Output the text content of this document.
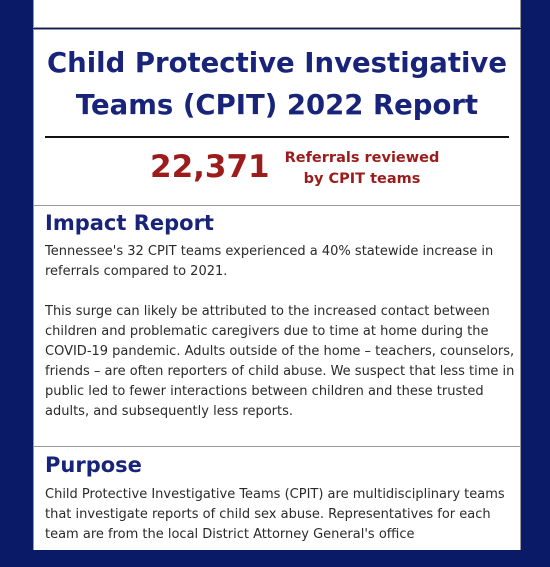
Child Protective Investigative
Teams (CPIT) 2022 Report
22,371	Referrals reviewed
by CPIT teams
Impact Report

Tennessee's 32 CPIT teams experienced a 40% statewide increase in referrals compared to 2021.

This surge can likely be attributed to the increased contact between children and problematic caregivers due to time at home during the COVID-19 pandemic. Adults outside of the home – teachers, counselors, friends – are often reporters of child abuse. We suspect that less time in public led to fewer interactions between children and these trusted adults, and subsequently less reports.

Purpose

Child Protective Investigative Teams (CPIT) are multidisciplinary teams that investigate reports of child sex abuse. Representatives for each team are from the local District Attorney General's office
